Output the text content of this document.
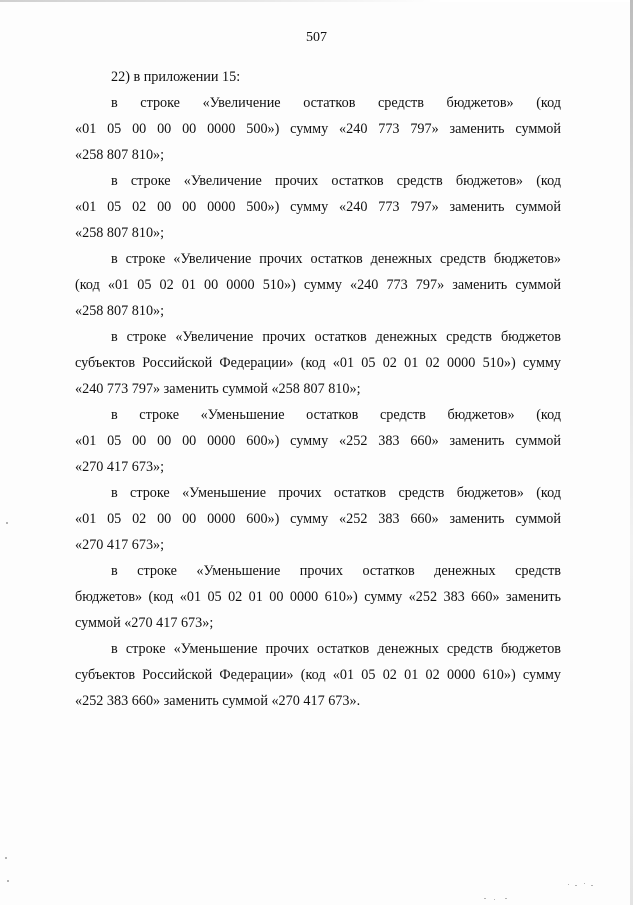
507

22) в приложении 15:

в строке «Увеличение остатков средств бюджетов» (код
«01 05 00 00 00 0000 500») сумму «240 773 797» заменить суммой
«258 807 810»;

в строке «Увеличение прочих остатков средств бюджетов» (код
«01 05 02 00 00 0000 500») сумму «240 773 797» заменить суммой
«258 807 810»;

в строке «Увеличение прочих остатков денежных средств бюджетов»
(код «01 05 02 01 00 0000 510») сумму «240 773 797» заменить суммой
«258 807 810»;

в строке «Увеличение прочих остатков денежных средств бюджетов
субъектов Российской Федерации» (код «01 05 02 01 02 0000 510») сумму
«240 773 797» заменить суммой «258 807 810»;

в строке «Уменьшение остатков средств бюджетов» (код
«01 05 00 00 00 0000 600») сумму «252 383 660» заменить суммой
«270 417 673»;

в строке «Уменьшение прочих остатков средств бюджетов» (код
«01 05 02 00 00 0000 600») сумму «252 383 660» заменить суммой
«270 417 673»;

в строке «Уменьшение прочих остатков денежных средств
бюджетов» (код «01 05 02 01 00 0000 610») сумму «252 383 660» заменить
суммой «270 417 673»;

в строке «Уменьшение прочих остатков денежных средств бюджетов
субъектов Российской Федерации» (код «01 05 02 01 02 0000 610») сумму
«252 383 660» заменить суммой «270 417 673».
